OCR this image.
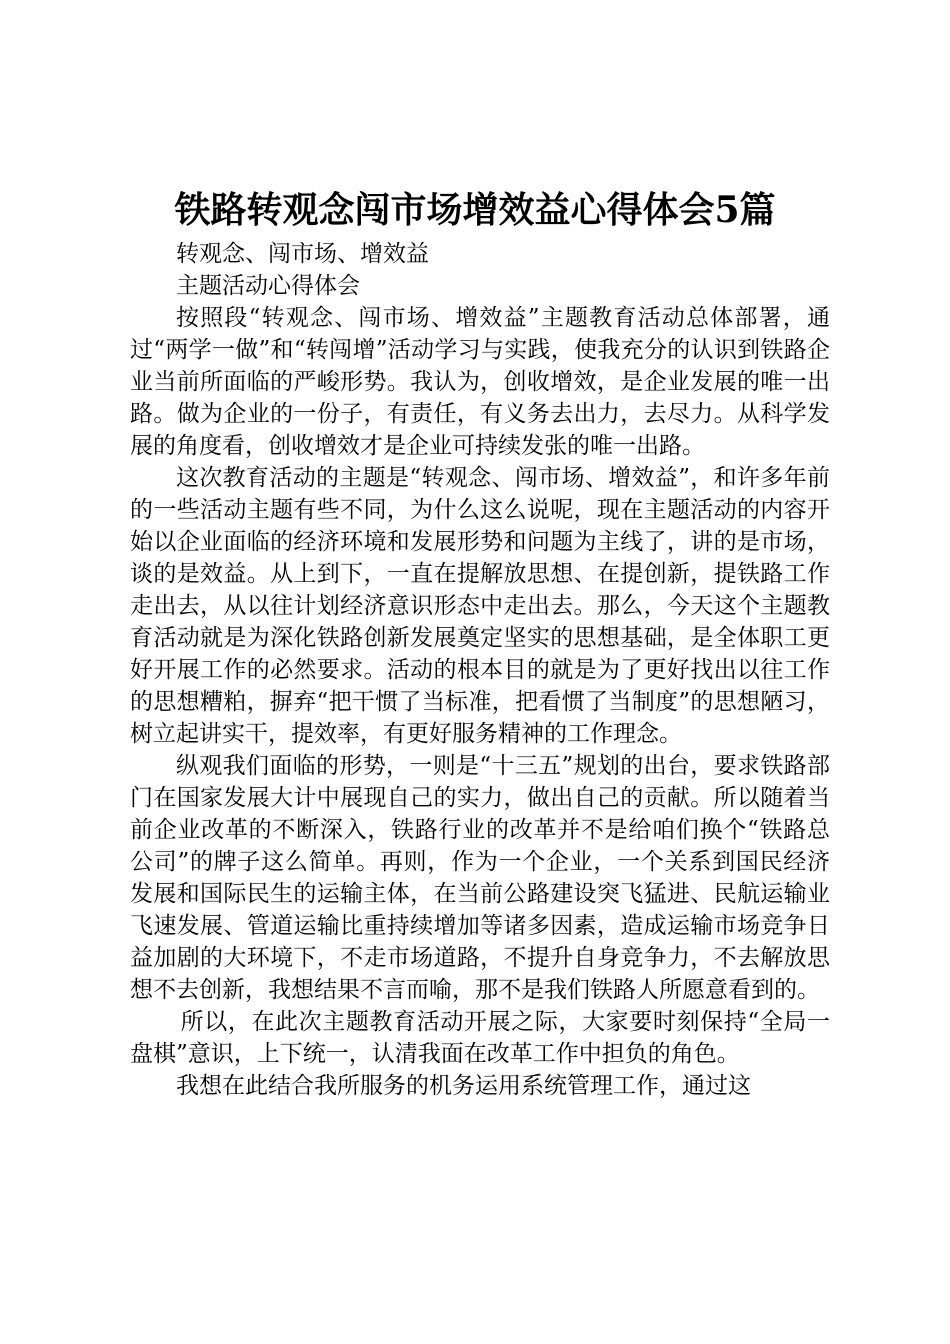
铁路转观念闯市场增效益心得体会5篇

转观念、闯市场、增效益

主题活动心得体会

按照段“转观念、闯市场、增效益”主题教育活动总体部署，通过“两学一做”和“转闯增”活动学习与实践，使我充分的认识到铁路企业当前所面临的严峻形势。我认为，创收增效，是企业发展的唯一出路。做为企业的一份子，有责任，有义务去出力，去尽力。从科学发展的角度看，创收增效才是企业可持续发张的唯一出路。

这次教育活动的主题是“转观念、闯市场、增效益”，和许多年前的一些活动主题有些不同，为什么这么说呢，现在主题活动的内容开始以企业面临的经济环境和发展形势和问题为主线了，讲的是市场，谈的是效益。从上到下，一直在提解放思想、在提创新，提铁路工作走出去，从以往计划经济意识形态中走出去。那么，今天这个主题教育活动就是为深化铁路创新发展奠定坚实的思想基础，是全体职工更好开展工作的必然要求。活动的根本目的就是为了更好找出以往工作的思想糟粕，摒弃“把干惯了当标准，把看惯了当制度”的思想陋习，树立起讲实干，提效率，有更好服务精神的工作理念。

纵观我们面临的形势，一则是“十三五”规划的出台，要求铁路部门在国家发展大计中展现自己的实力，做出自己的贡献。所以随着当前企业改革的不断深入，铁路行业的改革并不是给咱们换个“铁路总公司”的牌子这么简单。再则，作为一个企业，一个关系到国民经济发展和国际民生的运输主体，在当前公路建设突飞猛进、民航运输业飞速发展、管道运输比重持续增加等诸多因素，造成运输市场竞争日益加剧的大环境下，不走市场道路，不提升自身竞争力，不去解放思想不去创新，我想结果不言而喻，那不是我们铁路人所愿意看到的。

所以，在此次主题教育活动开展之际，大家要时刻保持“全局一盘棋”意识，上下统一，认清我面在改革工作中担负的角色。

我想在此结合我所服务的机务运用系统管理工作，通过这
